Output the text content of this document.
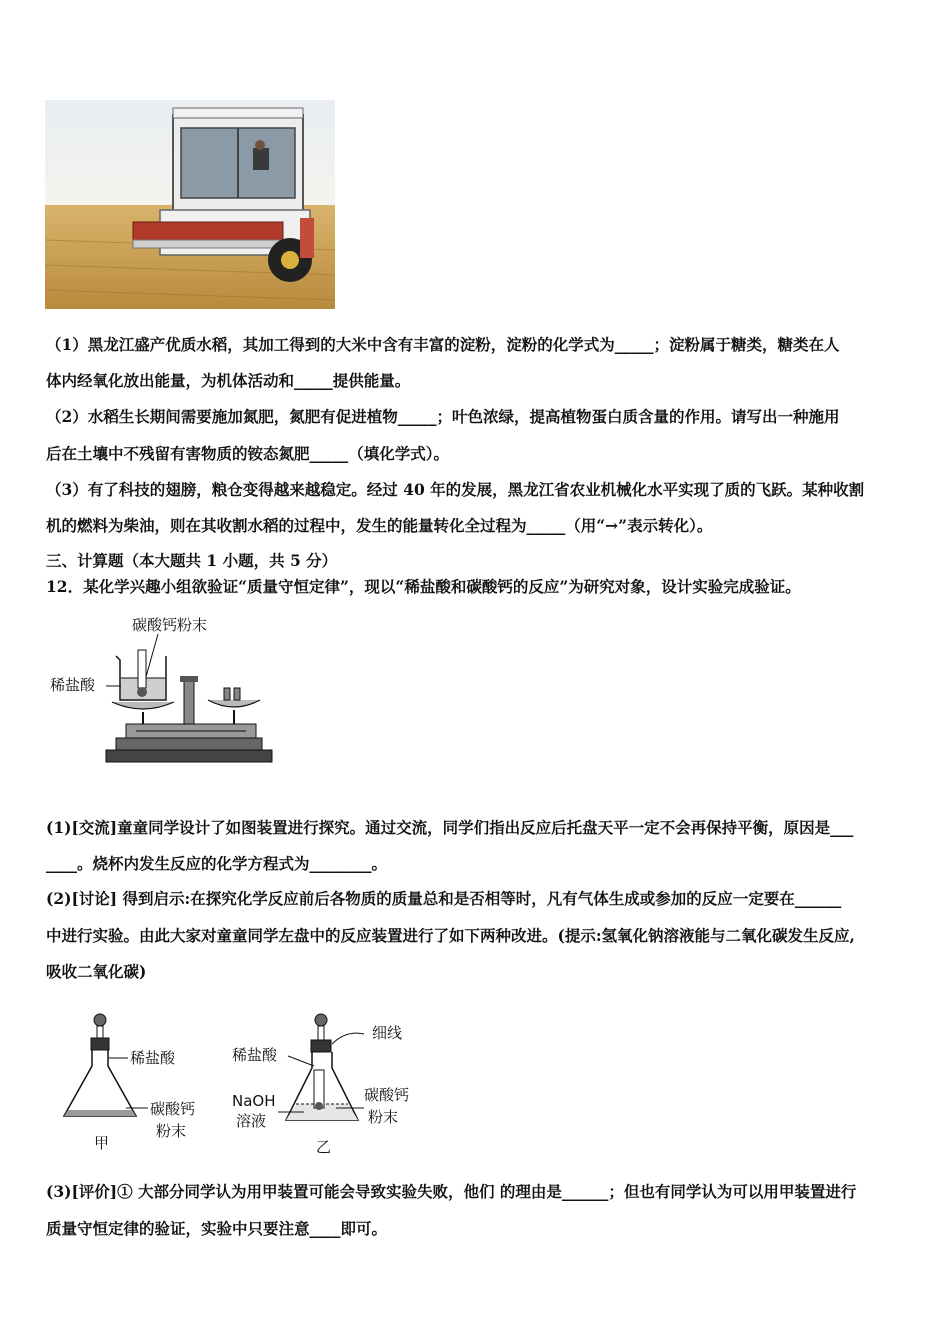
（1）黑龙江盛产优质水稻，其加工得到的大米中含有丰富的淀粉，淀粉的化学式为_____；淀粉属于糖类，糖类在人
体内经氧化放出能量，为机体活动和_____提供能量。
（2）水稻生长期间需要施加氮肥，氮肥有促进植物_____；叶色浓绿，提高植物蛋白质含量的作用。请写出一种施用
后在土壤中不残留有害物质的铵态氮肥_____（填化学式）。
（3）有了科技的翅膀，粮仓变得越来越稳定。经过 40 年的发展，黑龙江省农业机械化水平实现了质的飞跃。某种收割
机的燃料为柴油，则在其收割水稻的过程中，发生的能量转化全过程为_____（用“→”表示转化）。
三、计算题（本大题共 1 小题，共 5 分）
12．某化学兴趣小组欲验证“质量守恒定律”，现以“稀盐酸和碳酸钙的反应”为研究对象，设计实验完成验证。
碳酸钙粉末
稀盐酸
(1)[交流]童童同学设计了如图装置进行探究。通过交流，同学们指出反应后托盘天平一定不会再保持平衡，原因是___
____。烧杯内发生反应的化学方程式为________。
(2)[讨论] 得到启示:在探究化学反应前后各物质的质量总和是否相等时，凡有气体生成或参加的反应一定要在______
中进行实验。由此大家对童童同学左盘中的反应装置进行了如下两种改进。(提示:氢氧化钠溶液能与二氧化碳发生反应,
吸收二氧化碳)
稀盐酸
碳酸钙
粉末
甲
细线
稀盐酸
NaOH
溶液
碳酸钙
粉末
乙
(3)[评价]① 大部分同学认为用甲装置可能会导致实验失败，他们 的理由是______；但也有同学认为可以用甲装置进行
质量守恒定律的验证，实验中只要注意____即可。
